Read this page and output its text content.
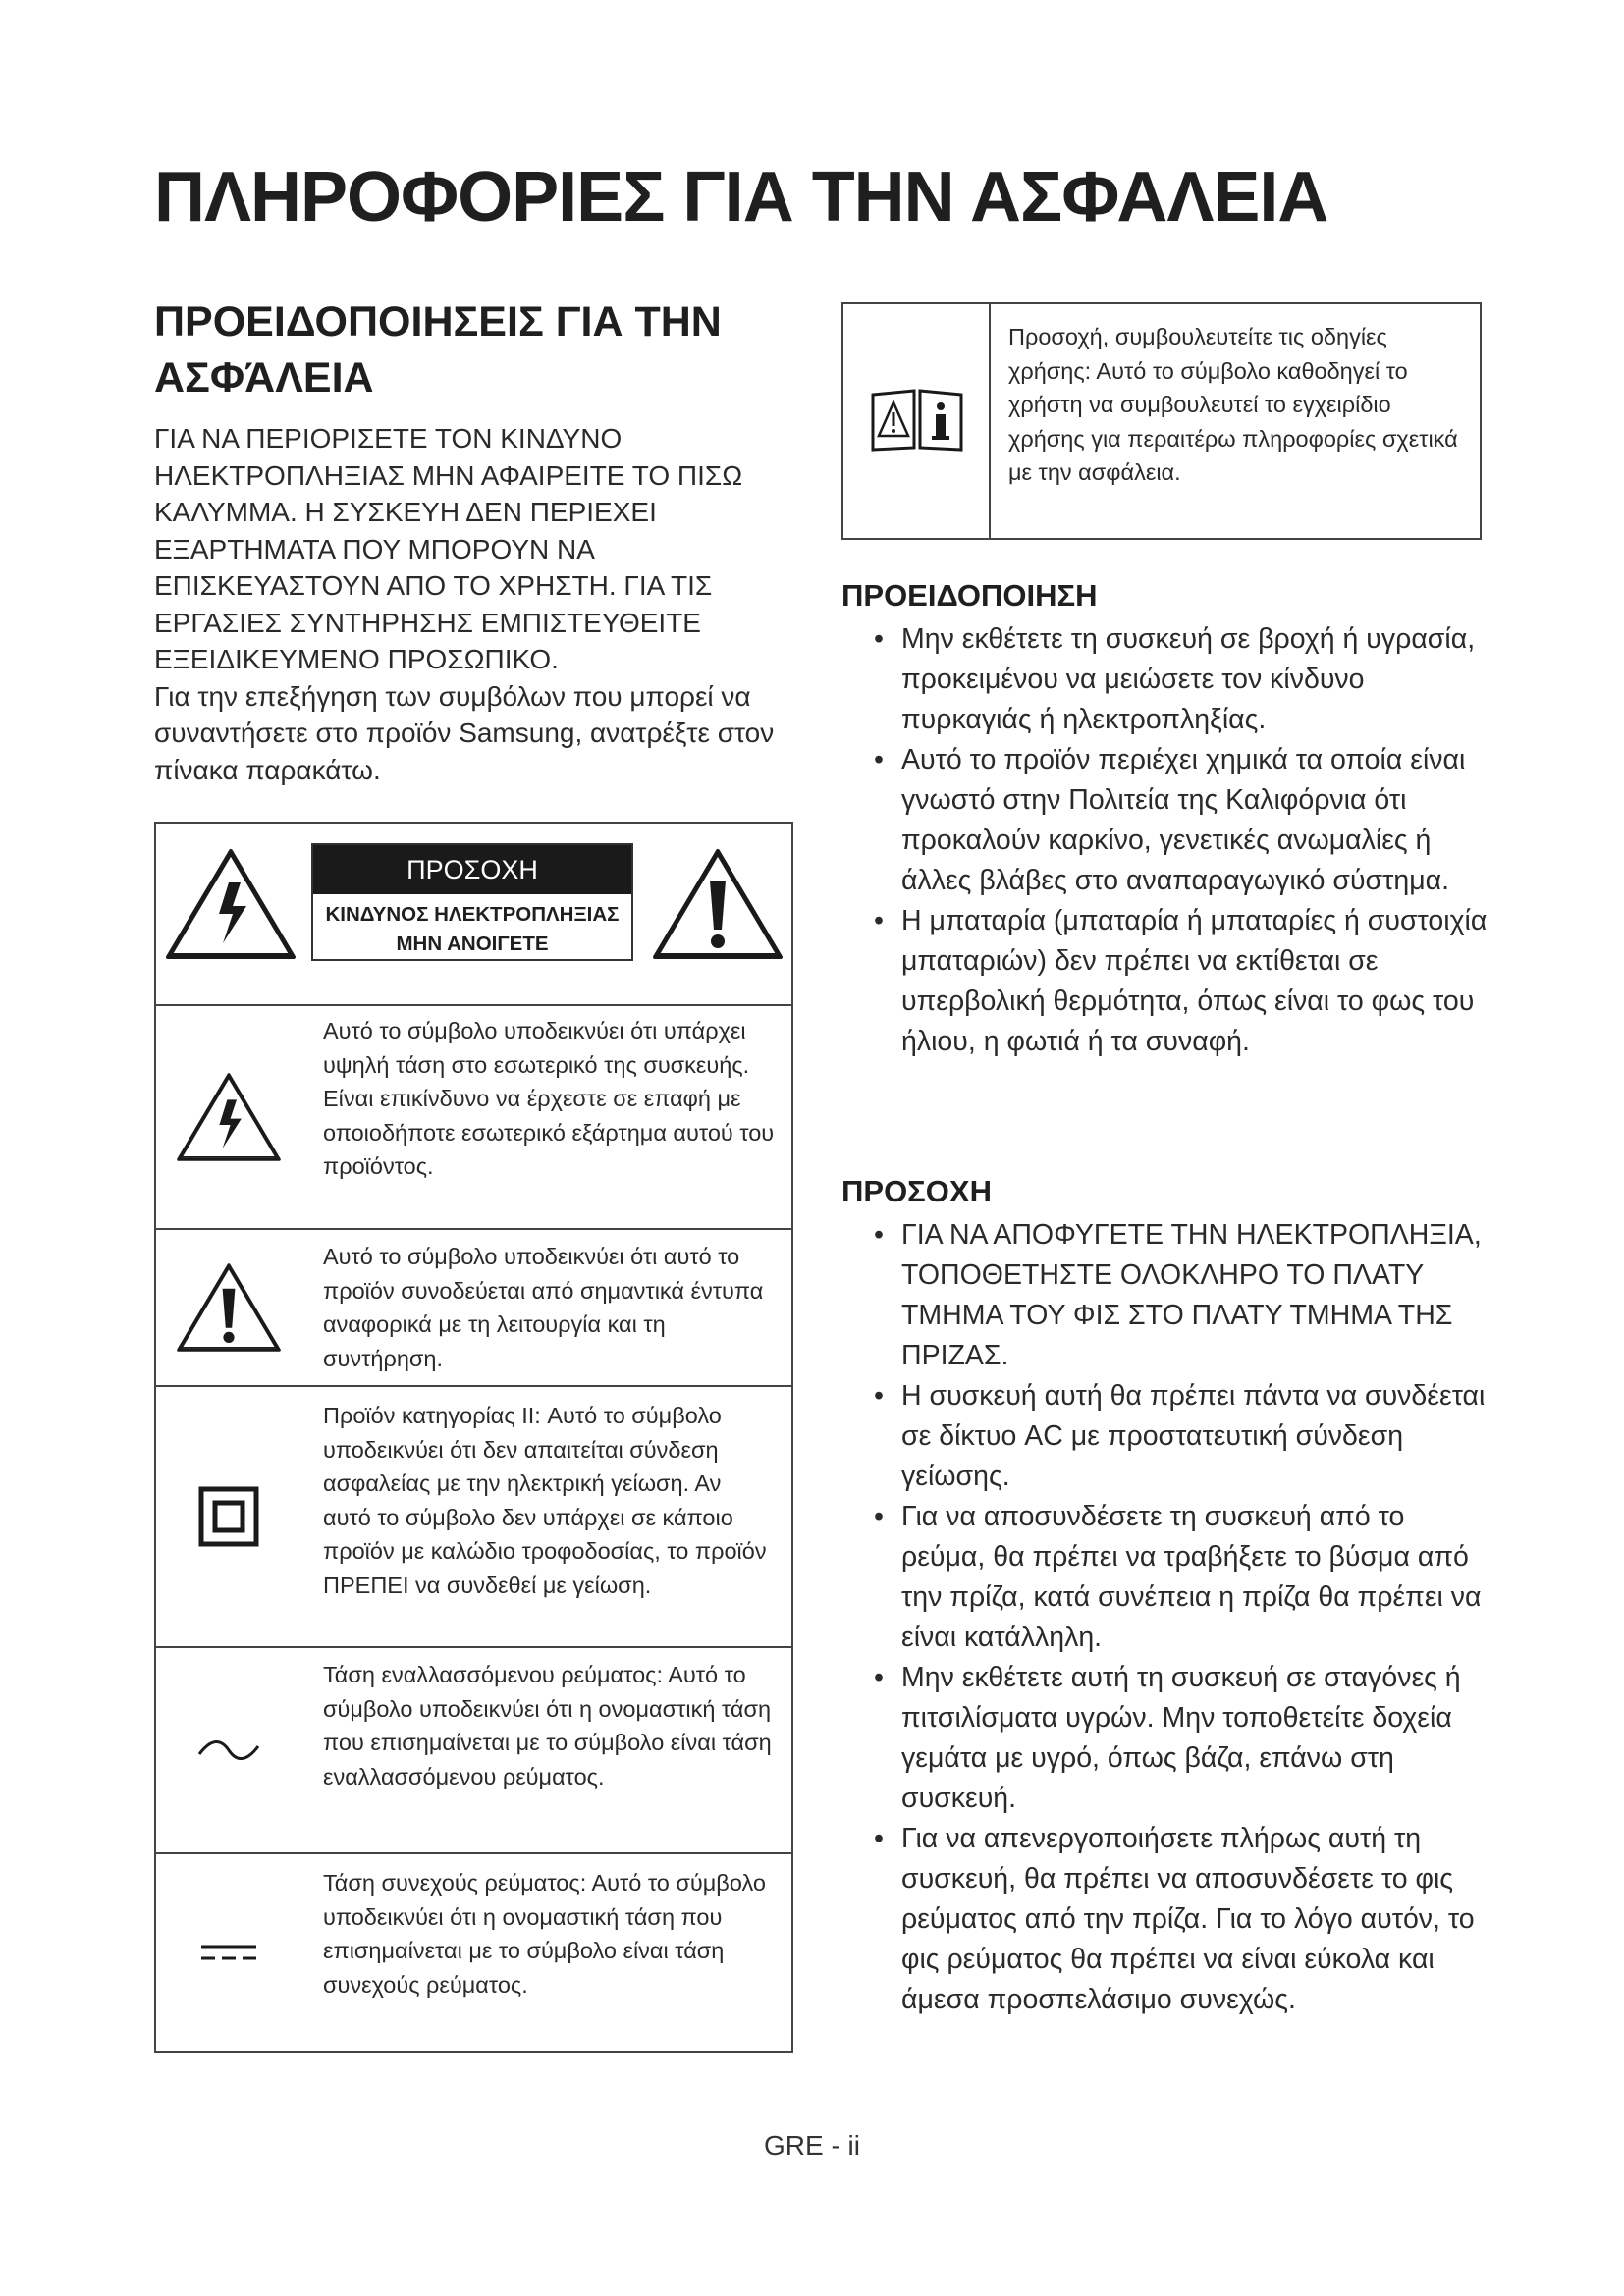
ΠΛΗΡΟΦΟΡΙΕΣ ΓΙΑ ΤΗΝ ΑΣΦΑΛΕΙΑ
ΠΡΟΕΙΔΟΠΟΙΗΣΕΙΣ ΓΙΑ ΤΗΝ ΑΣΦΆΛΕΙΑ

ΓΙΑ ΝΑ ΠΕΡΙΟΡΙΣΕΤΕ ΤΟΝ ΚΙΝΔΥΝΟ ΗΛΕΚΤΡΟΠΛΗΞΙΑΣ ΜΗΝ ΑΦΑΙΡΕΙΤΕ ΤΟ ΠΙΣΩ ΚΑΛΥΜΜΑ. Η ΣΥΣΚΕΥΗ ΔΕΝ ΠΕΡΙΕΧΕΙ ΕΞΑΡΤΗΜΑΤΑ ΠΟΥ ΜΠΟΡΟΥΝ ΝΑ ΕΠΙΣΚΕΥΑΣΤΟΥΝ ΑΠΟ ΤΟ ΧΡΗΣΤΗ. ΓΙΑ ΤΙΣ ΕΡΓΑΣΙΕΣ ΣΥΝΤΗΡΗΣΗΣ ΕΜΠΙΣΤΕΥΘΕΙΤΕ ΕΞΕΙΔΙΚΕΥΜΕΝΟ ΠΡΟΣΩΠΙΚΟ.

Για την επεξήγηση των συμβόλων που μπορεί να συναντήσετε στο προϊόν Samsung, ανατρέξτε στον πίνακα παρακάτω.

ΠΡΟΣΟΧΗ
ΚΙΝΔΥΝΟΣ ΗΛΕΚΤΡΟΠΛΗΞΙΑΣ
ΜΗΝ ΑΝΟΙΓΕΤΕ
Αυτό το σύμβολο υποδεικνύει ότι υπάρχει υψηλή τάση στο εσωτερικό της συσκευής. Είναι επικίνδυνο να έρχεστε σε επαφή με οποιοδήποτε εσωτερικό εξάρτημα αυτού του προϊόντος.
Αυτό το σύμβολο υποδεικνύει ότι αυτό το προϊόν συνοδεύεται από σημαντικά έντυπα αναφορικά με τη λειτουργία και τη συντήρηση.
Προϊόν κατηγορίας II: Αυτό το σύμβολο υποδεικνύει ότι δεν απαιτείται σύνδεση ασφαλείας με την ηλεκτρική γείωση. Αν αυτό το σύμβολο δεν υπάρχει σε κάποιο προϊόν με καλώδιο τροφοδοσίας, το προϊόν ΠΡΕΠΕΙ να συνδεθεί με γείωση.
Τάση εναλλασσόμενου ρεύματος: Αυτό το σύμβολο υποδεικνύει ότι η ονομαστική τάση που επισημαίνεται με το σύμβολο είναι τάση εναλλασσόμενου ρεύματος.
Τάση συνεχούς ρεύματος: Αυτό το σύμβολο υποδεικνύει ότι η ονομαστική τάση που επισημαίνεται με το σύμβολο είναι τάση συνεχούς ρεύματος.
Προσοχή, συμβουλευτείτε τις οδηγίες χρήσης: Αυτό το σύμβολο καθοδηγεί το χρήστη να συμβουλευτεί το εγχειρίδιο χρήσης για περαιτέρω πληροφορίες σχετικά με την ασφάλεια.
ΠΡΟΕΙΔΟΠΟΙΗΣΗ
• Μην εκθέτετε τη συσκευή σε βροχή ή υγρασία, προκειμένου να μειώσετε τον κίνδυνο πυρκαγιάς ή ηλεκτροπληξίας.
• Αυτό το προϊόν περιέχει χημικά τα οποία είναι γνωστό στην Πολιτεία της Καλιφόρνια ότι προκαλούν καρκίνο, γενετικές ανωμαλίες ή άλλες βλάβες στο αναπαραγωγικό σύστημα.
• Η μπαταρία (μπαταρία ή μπαταρίες ή συστοιχία μπαταριών) δεν πρέπει να εκτίθεται σε υπερβολική θερμότητα, όπως είναι το φως του ήλιου, η φωτιά ή τα συναφή.
ΠΡΟΣΟΧΗ
• ΓΙΑ ΝΑ ΑΠΟΦΥΓΕΤΕ ΤΗΝ ΗΛΕΚΤΡΟΠΛΗΞΙΑ, ΤΟΠΟΘΕΤΗΣΤΕ ΟΛΟΚΛΗΡΟ ΤΟ ΠΛΑΤΥ ΤΜΗΜΑ ΤΟΥ ΦΙΣ ΣΤΟ ΠΛΑΤΥ ΤΜΗΜΑ ΤΗΣ ΠΡΙΖΑΣ.
• Η συσκευή αυτή θα πρέπει πάντα να συνδέεται σε δίκτυο AC με προστατευτική σύνδεση γείωσης.
• Για να αποσυνδέσετε τη συσκευή από το ρεύμα, θα πρέπει να τραβήξετε το βύσμα από την πρίζα, κατά συνέπεια η πρίζα θα πρέπει να είναι κατάλληλη.
• Μην εκθέτετε αυτή τη συσκευή σε σταγόνες ή πιτσιλίσματα υγρών. Μην τοποθετείτε δοχεία γεμάτα με υγρό, όπως βάζα, επάνω στη συσκευή.
• Για να απενεργοποιήσετε πλήρως αυτή τη συσκευή, θα πρέπει να αποσυνδέσετε το φις ρεύματος από την πρίζα. Για το λόγο αυτόν, το φις ρεύματος θα πρέπει να είναι εύκολα και άμεσα προσπελάσιμο συνεχώς.
GRE - ii
